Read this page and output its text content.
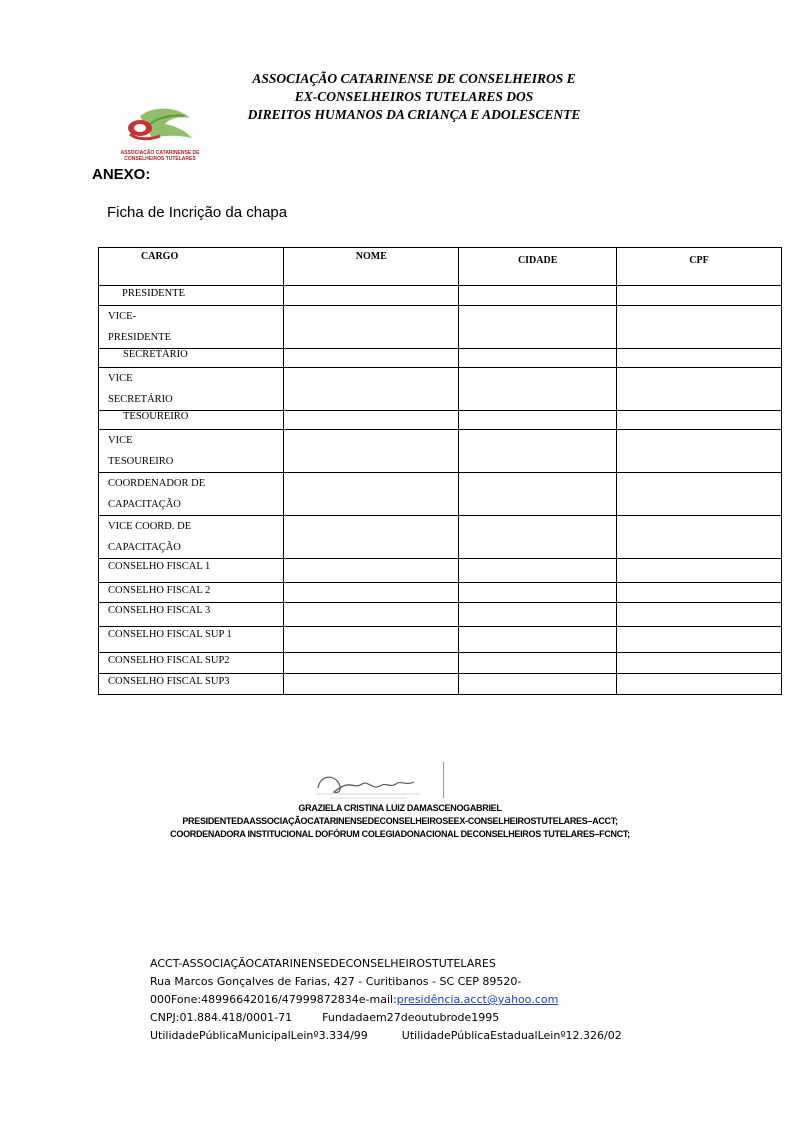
ASSOCIAÇÃO CATARINENSE DE CONSELHEIROS E
EX-CONSELHEIROS TUTELARES DOS
DIREITOS HUMANOS DA CRIANÇA E ADOLESCENTE
ASSOCIAÇÃO CATARINENSE DE
CONSELHEIROS TUTELARES
ANEXO:
Ficha de Incrição da chapa
CARGO	NOME	CIDADE	CPF
PRESIDENTE			

VICE-
PRESIDENTE			

SECRETÁRIO			

VICE
SECRETÁRIO			

TESOUREIRO			

VICE
TESOUREIRO			

COORDENADOR DE
CAPACITAÇÃO			

VICE COORD. DE
CAPACITAÇÃO			

CONSELHO FISCAL 1			
CONSELHO FISCAL 2			
CONSELHO FISCAL 3			
CONSELHO FISCAL SUP 1			
CONSELHO FISCAL SUP2			
CONSELHO FISCAL SUP3			
GRAZIELA CRISTINA LUIZ DAMASCENOGABRIEL
PRESIDENTEDAASSOCIAÇÃOCATARINENSEDECONSELHEIROSEEX-CONSELHEIROSTUTELARES–ACCT;
COORDENADORA INSTITUCIONAL DOFÓRUM COLEGIADONACIONAL DECONSELHEIROS TUTELARES–FCNCT;
ACCT-ASSOCIAÇÃOCATARINENSEDECONSELHEIROSTUTELARES
Rua Marcos Gonçalves de Farias, 427 - Curitibanos - SC CEP 89520-
000Fone:48996642016/47999872834e-mail:presidência.acct@yahoo.com
CNPJ:01.884.418/0001-71	Fundadaem27deoutubrode1995
UtilidadePúblicaMunicipalLeinº3.334/99	UtilidadePúblicaEstadualLeinº12.326/02
